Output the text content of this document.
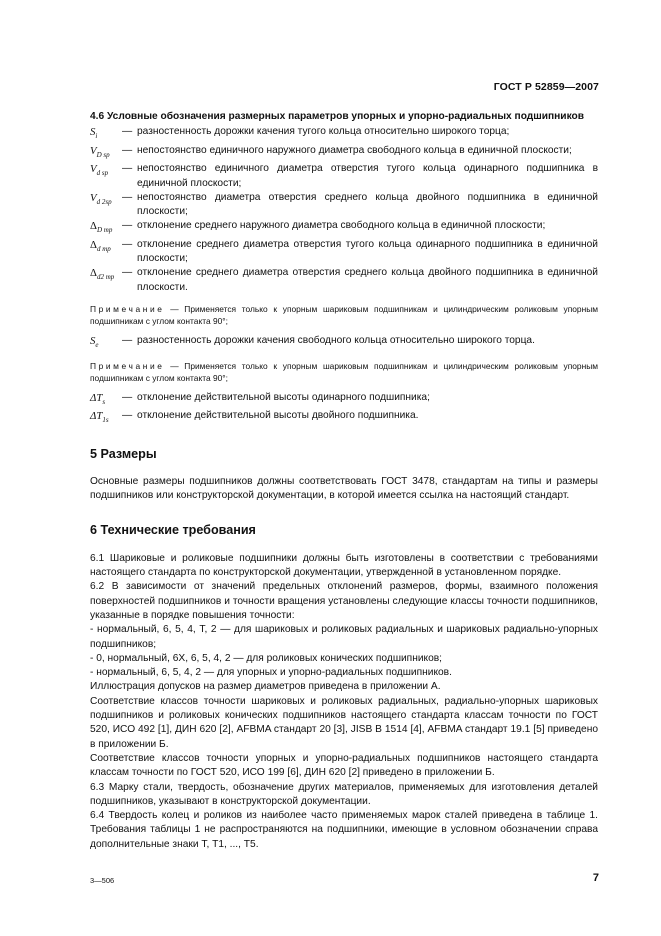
ГОСТ Р 52859—2007

4.6 Условные обозначения размерных параметров упорных и упорно-радиальных подшипников

$S_i$	— разностенность дорожки качения тугого кольца относительно широкого торца;
$V_{D sp}$	— непостоянство единичного наружного диаметра свободного кольца в единичной плоскости;
$V_{d sp}$	— непостоянство единичного диаметра отверстия тугого кольца одинарного подшипника в единичной плоскости;
$V_{d 2sp}$	— непостоянство диаметра отверстия среднего кольца двойного подшипника в единичной плоскости;
$\Delta_{D mp}$ — отклонение среднего наружного диаметра свободного кольца в единичной плоскости;
$\Delta_{d mp}$	— отклонение среднего диаметра отверстия тугого кольца одинарного подшипника в единичной плоскости;
$\Delta_{d2 mp}$ — отклонение среднего диаметра отверстия среднего кольца двойного подшипника в единичной плоскости.

Примечание — Применяется только к упорным шариковым подшипникам и цилиндрическим роликовым упорным подшипникам с углом контакта 90°;

$S_e$	— разностенность дорожки качения свободного кольца относительно широкого торца.

Примечание — Применяется только к упорным шариковым подшипникам и цилиндрическим роликовым упорным подшипникам с углом контакта 90°;

$\Delta T_s$	— отклонение действительной высоты одинарного подшипника;
$\Delta T_{1s}$	— отклонение действительной высоты двойного подшипника.
5 Размеры

Основные размеры подшипников должны соответствовать ГОСТ 3478, стандартам на типы и размеры подшипников или конструкторской документации, в которой имеется ссылка на настоящий стандарт.

6 Технические требования

6.1 Шариковые и роликовые подшипники должны быть изготовлены в соответствии с требованиями настоящего стандарта по конструкторской документации, утвержденной в установленном порядке.

6.2 В зависимости от значений предельных отклонений размеров, формы, взаимного положения поверхностей подшипников и точности вращения установлены следующие классы точности подшипников, указанные в порядке повышения точности:

- нормальный, 6, 5, 4, Т, 2 — для шариковых и роликовых радиальных и шариковых радиально-упорных подшипников;

- 0, нормальный, 6Х, 6, 5, 4, 2 — для роликовых конических подшипников;

- нормальный, 6, 5, 4, 2 — для упорных и упорно-радиальных подшипников.

Иллюстрация допусков на размер диаметров приведена в приложении А.

Соответствие классов точности шариковых и роликовых радиальных, радиально-упорных шариковых подшипников и роликовых конических подшипников настоящего стандарта классам точности по ГОСТ 520, ИСО 492 [1], ДИН 620 [2], AFBMA стандарт 20 [3], JISB В 1514 [4], AFBMA стандарт 19.1 [5] приведено в приложении Б.

Соответствие классов точности упорных и упорно-радиальных подшипников настоящего стандарта классам точности по ГОСТ 520, ИСО 199 [6], ДИН 620 [2] приведено в приложении Б.

6.3 Марку стали, твердость, обозначение других материалов, применяемых для изготовления деталей подшипников, указывают в конструкторской документации.

6.4 Твердость колец и роликов из наиболее часто применяемых марок сталей приведена в таблице 1. Требования таблицы 1 не распространяются на подшипники, имеющие в условном обозначении справа дополнительные знаки Т, Т1, ..., Т5.

3—506	7
